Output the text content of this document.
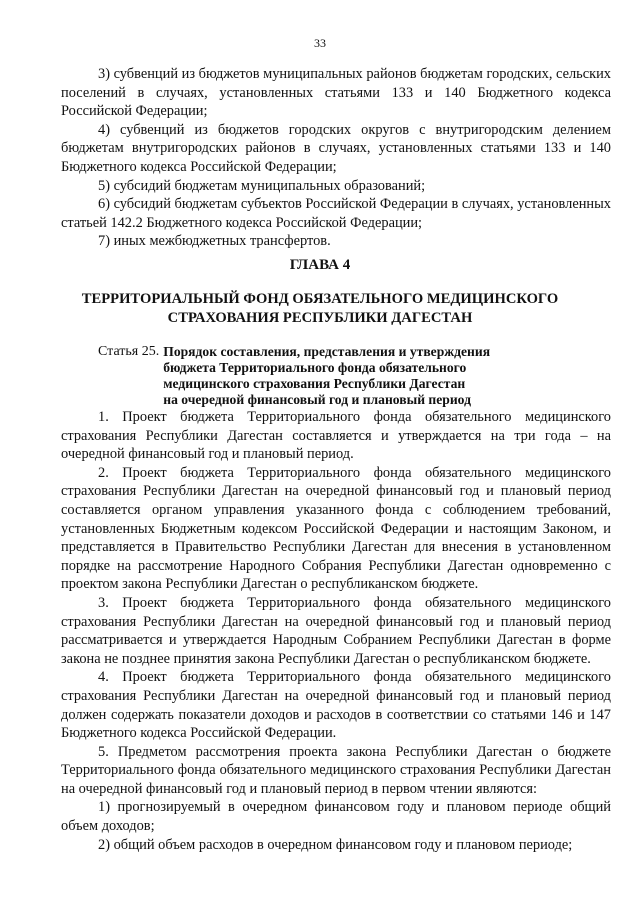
33

3) субвенций из бюджетов муниципальных районов бюджетам городских, сельских поселений в случаях, установленных статьями 133 и 140 Бюджетного кодекса Российской Федерации;

4) субвенций из бюджетов городских округов с внутригородским делением бюджетам внутригородских районов в случаях, установленных статьями 133 и 140 Бюджетного кодекса Российской Федерации;

5) субсидий бюджетам муниципальных образований;

6) субсидий бюджетам субъектов Российской Федерации в случаях, установленных статьей 142.2 Бюджетного кодекса Российской Федерации;

7) иных межбюджетных трансфертов.

ГЛАВА 4
ТЕРРИТОРИАЛЬНЫЙ ФОНД ОБЯЗАТЕЛЬНОГО МЕДИЦИНСКОГО
СТРАХОВАНИЯ РЕСПУБЛИКИ ДАГЕСТАН
Статья 25. Порядок составления, представления и утверждения
бюджета Территориального фонда обязательного
медицинского страхования Республики Дагестан
на очередной финансовый год и плановый период

1. Проект бюджета Территориального фонда обязательного медицинского страхования Республики Дагестан составляется и утверждается на три года – на очередной финансовый год и плановый период.

2. Проект бюджета Территориального фонда обязательного медицинского страхования Республики Дагестан на очередной финансовый год и плановый период составляется органом управления указанного фонда с соблюдением требований, установленных Бюджетным кодексом Российской Федерации и настоящим Законом, и представляется в Правительство Республики Дагестан для внесения в установленном порядке на рассмотрение Народного Собрания Республики Дагестан одновременно с проектом закона Республики Дагестан о республиканском бюджете.

3. Проект бюджета Территориального фонда обязательного медицинского страхования Республики Дагестан на очередной финансовый год и плановый период рассматривается и утверждается Народным Собранием Республики Дагестан в форме закона не позднее принятия закона Республики Дагестан о республиканском бюджете.

4. Проект бюджета Территориального фонда обязательного медицинского страхования Республики Дагестан на очередной финансовый год и плановый период должен содержать показатели доходов и расходов в соответствии со статьями 146 и 147 Бюджетного кодекса Российской Федерации.

5. Предметом рассмотрения проекта закона Республики Дагестан о бюджете Территориального фонда обязательного медицинского страхования Республики Дагестан на очередной финансовый год и плановый период в первом чтении являются:

1) прогнозируемый в очередном финансовом году и плановом периоде общий объем доходов;

2) общий объем расходов в очередном финансовом году и плановом периоде;
